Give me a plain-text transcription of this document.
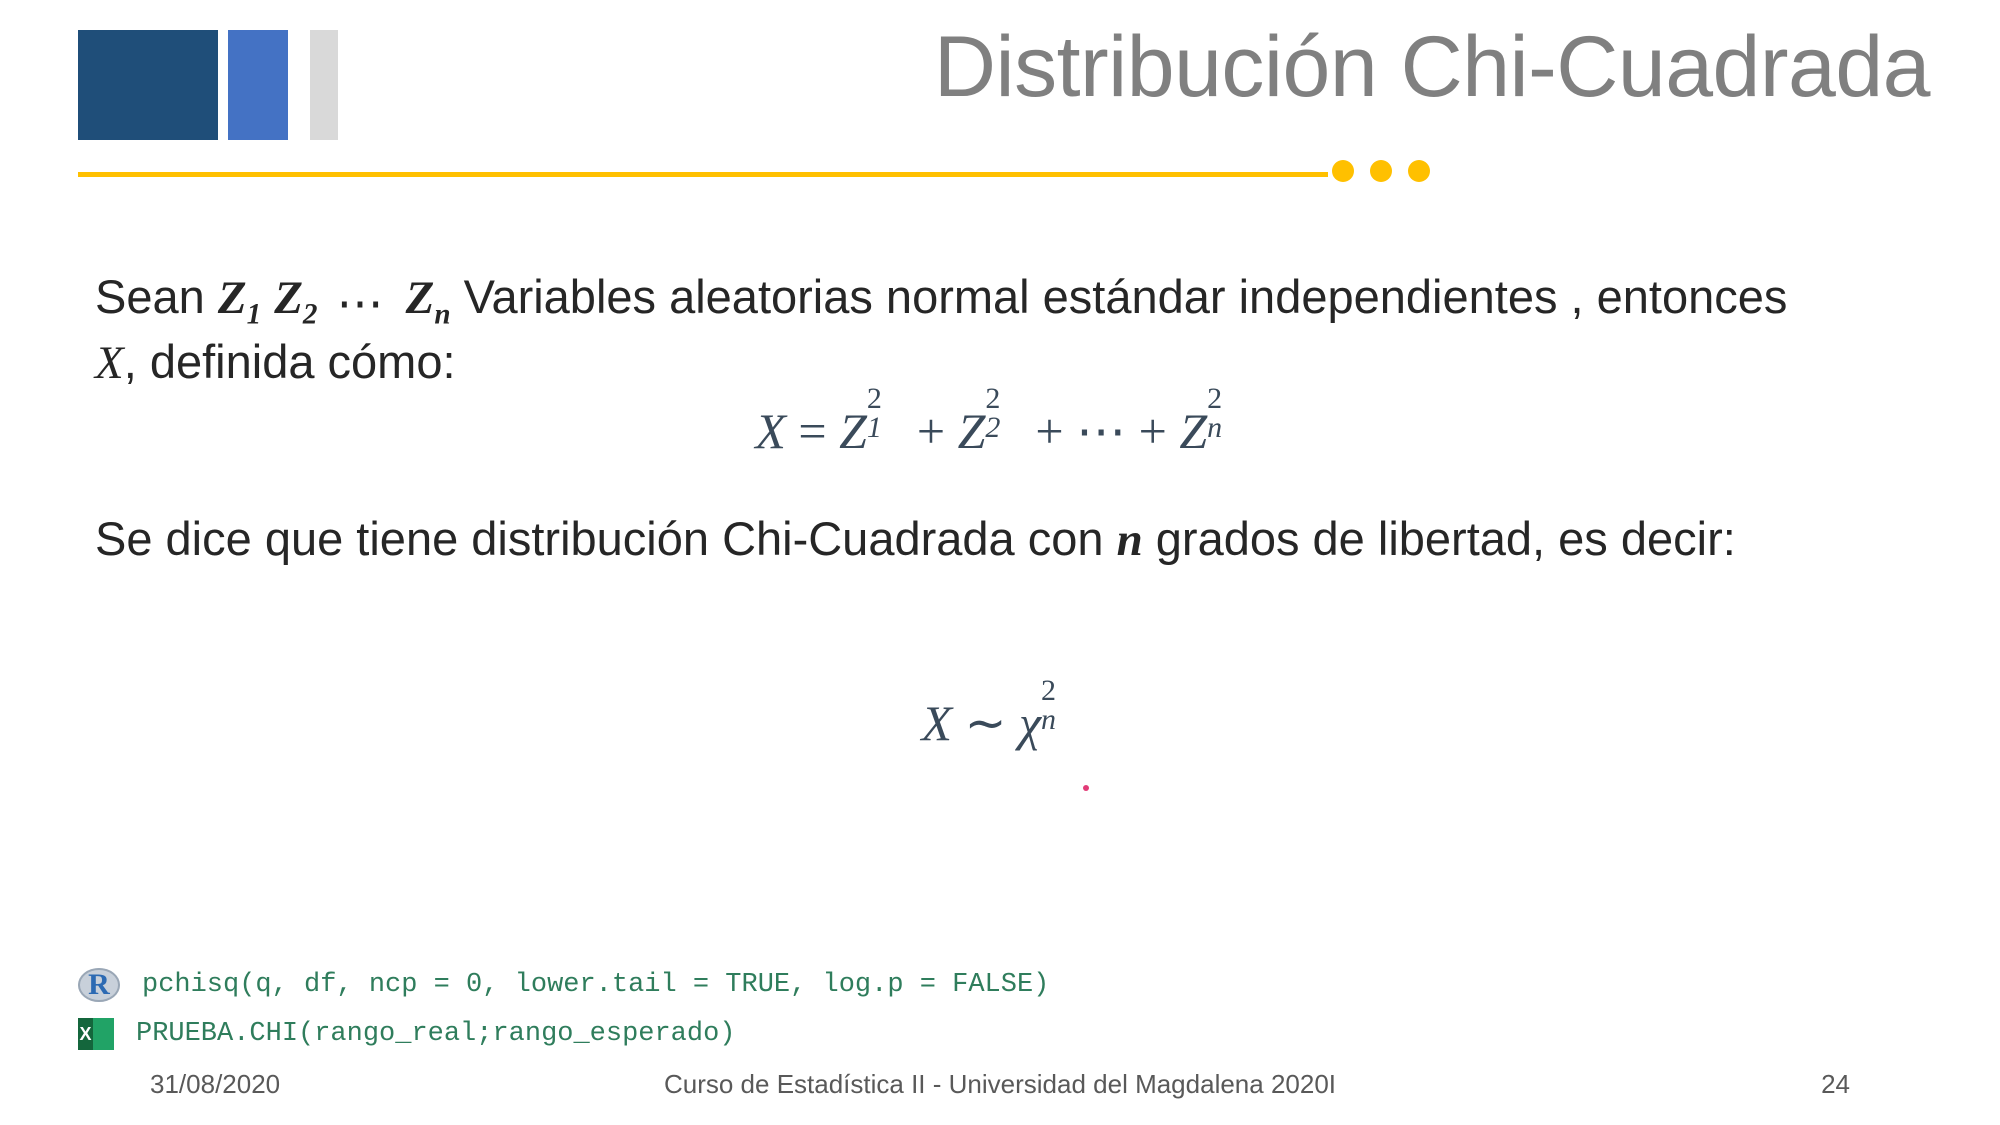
Distribución Chi-Cuadrada
Sean $Z_1$ $Z_2$ ⋯ $Z_n$ Variables aleatorias normal estándar independientes , entonces
X, definida cómo:
X = Z
2
1 + Z
2
2 + ⋯ + Z
2
n
Se dice que tiene distribución Chi-Cuadrada con n grados de libertad, es decir:
X ∼ χ
2
n
R	pchisq(q, df, ncp = 0, lower.tail = TRUE, log.p = FALSE)
X PRUEBA.CHI(rango_real;rango_esperado)
31/08/2020	Curso de Estadística II - Universidad del Magdalena 2020I	24
